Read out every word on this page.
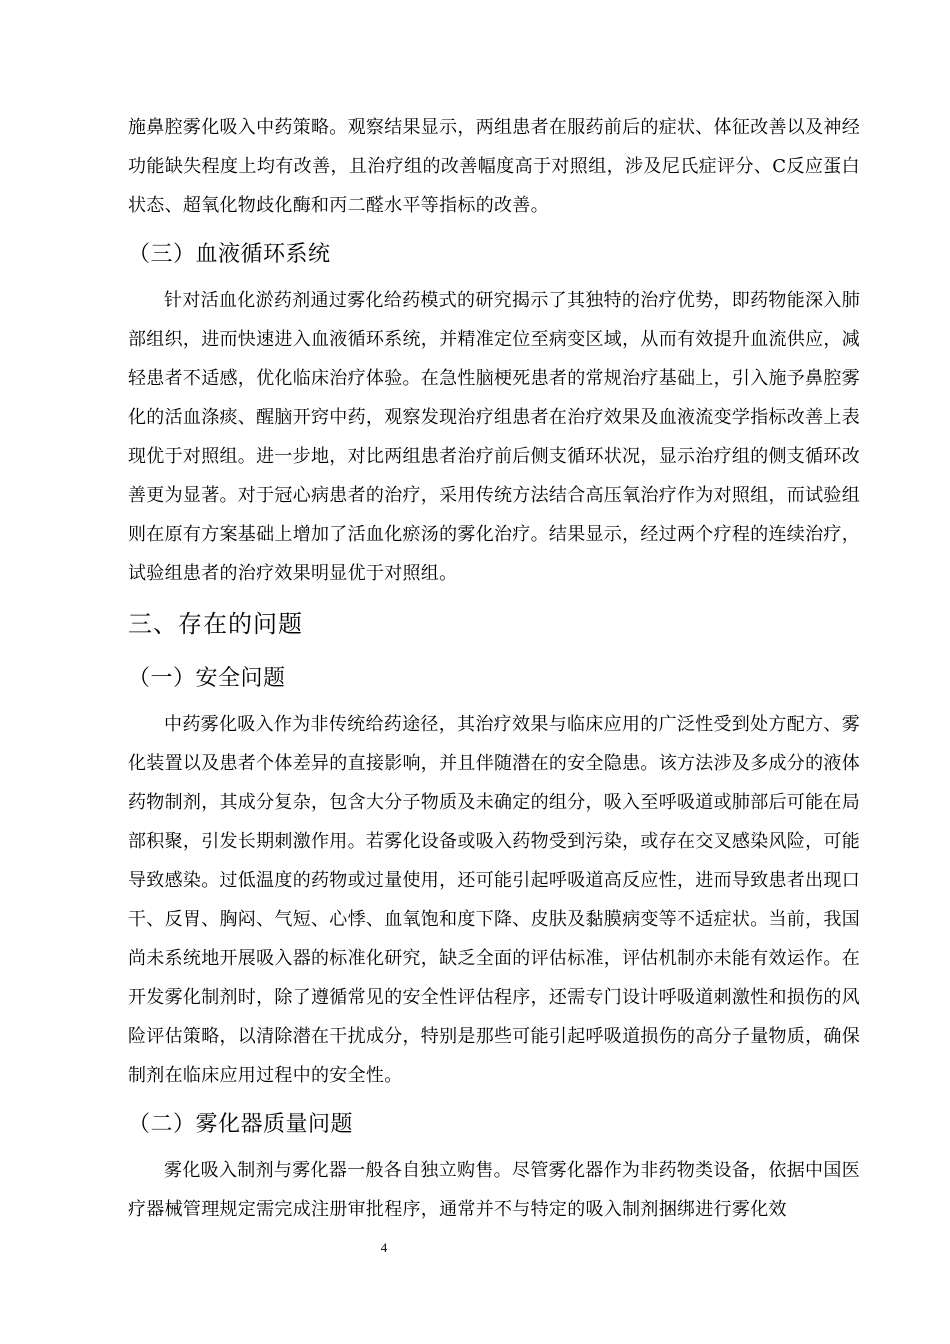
施鼻腔雾化吸入中药策略。观察结果显示，两组患者在服药前后的症状、体征改善以及神经功能缺失程度上均有改善，且治疗组的改善幅度高于对照组，涉及尼氏症评分、C反应蛋白状态、超氧化物歧化酶和丙二醛水平等指标的改善。

（三）血液循环系统

针对活血化淤药剂通过雾化给药模式的研究揭示了其独特的治疗优势，即药物能深入肺部组织，进而快速进入血液循环系统，并精准定位至病变区域，从而有效提升血流供应，减轻患者不适感，优化临床治疗体验。在急性脑梗死患者的常规治疗基础上，引入施予鼻腔雾化的活血涤痰、醒脑开窍中药，观察发现治疗组患者在治疗效果及血液流变学指标改善上表现优于对照组。进一步地，对比两组患者治疗前后侧支循环状况，显示治疗组的侧支循环改善更为显著。对于冠心病患者的治疗，采用传统方法结合高压氧治疗作为对照组，而试验组则在原有方案基础上增加了活血化瘀汤的雾化治疗。结果显示，经过两个疗程的连续治疗，试验组患者的治疗效果明显优于对照组。

三、存在的问题
（一）安全问题

中药雾化吸入作为非传统给药途径，其治疗效果与临床应用的广泛性受到处方配方、雾化装置以及患者个体差异的直接影响，并且伴随潜在的安全隐患。该方法涉及多成分的液体药物制剂，其成分复杂，包含大分子物质及未确定的组分，吸入至呼吸道或肺部后可能在局部积聚，引发长期刺激作用。若雾化设备或吸入药物受到污染，或存在交叉感染风险，可能导致感染。过低温度的药物或过量使用，还可能引起呼吸道高反应性，进而导致患者出现口干、反胃、胸闷、气短、心悸、血氧饱和度下降、皮肤及黏膜病变等不适症状。当前，我国尚未系统地开展吸入器的标准化研究，缺乏全面的评估标准，评估机制亦未能有效运作。在开发雾化制剂时，除了遵循常见的安全性评估程序，还需专门设计呼吸道刺激性和损伤的风险评估策略，以清除潜在干扰成分，特别是那些可能引起呼吸道损伤的高分子量物质，确保制剂在临床应用过程中的安全性。

（二）雾化器质量问题

雾化吸入制剂与雾化器一般各自独立购售。尽管雾化器作为非药物类设备，依据中国医疗器械管理规定需完成注册审批程序，通常并不与特定的吸入制剂捆绑进行雾化效

4
